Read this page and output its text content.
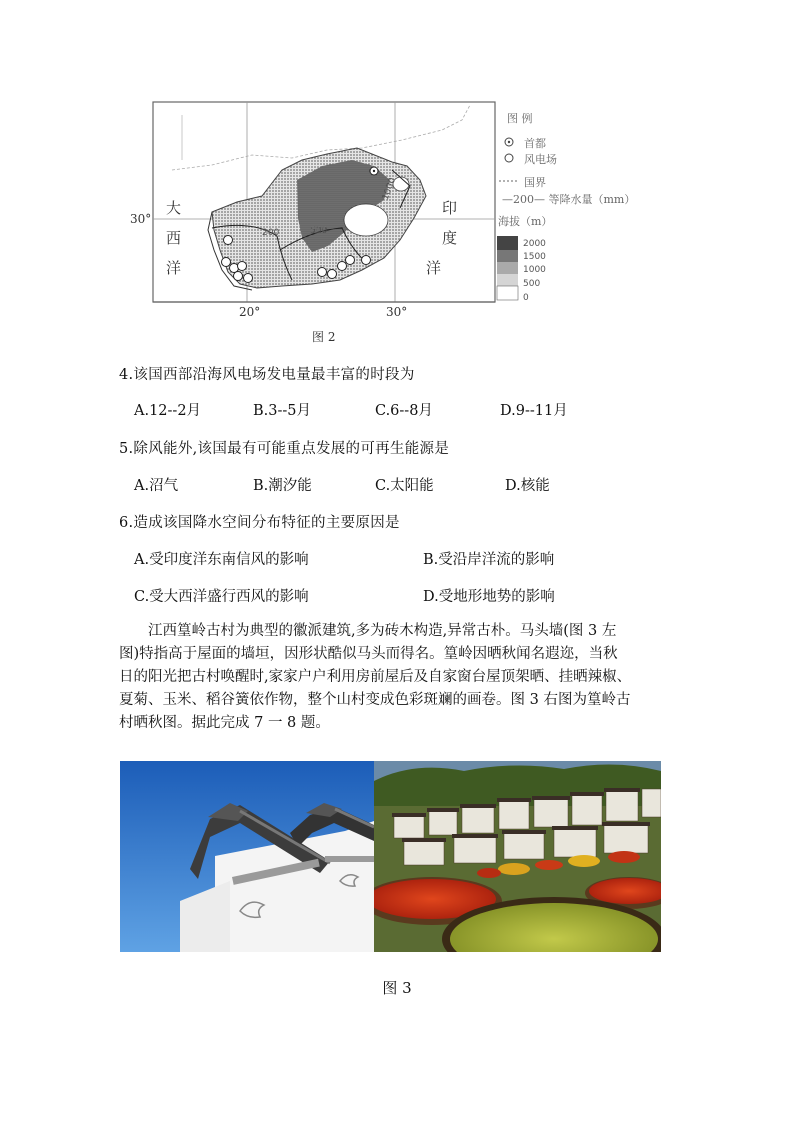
大
西
洋
印
度
洋
30°
20°	30°
200	500
1000
图 例
首都
风电场
国界
—200— 等降水量（mm）
海拔（m）
2000
1500
1000
500
0
图 2
4.该国西部沿海风电场发电量最丰富的时段为
A.12--2月	B.3--5月	C.6--8月	D.9--11月
5.除风能外,该国最有可能重点发展的可再生能源是
A.沼气	B.潮汐能	C.太阳能	D.核能
6.造成该国降水空间分布特征的主要原因是
A.受印度洋东南信风的影响	B.受沿岸洋流的影响
C.受大西洋盛行西风的影响	D.受地形地势的影响

江西篁岭古村为典型的徽派建筑,多为砖木构造,异常古朴。马头墙(图 3 左

图)特指高于屋面的墙垣，因形状酷似马头而得名。篁岭因晒秋闻名遐迩，当秋

日的阳光把古村唤醒时,家家户户利用房前屋后及自家窗台屋顶架晒、挂晒辣椒、

夏菊、玉米、稻谷簧依作物，整个山村变成色彩斑斓的画卷。图 3 右图为篁岭古

村晒秋图。据此完成 7 一 8 题。

图 3
